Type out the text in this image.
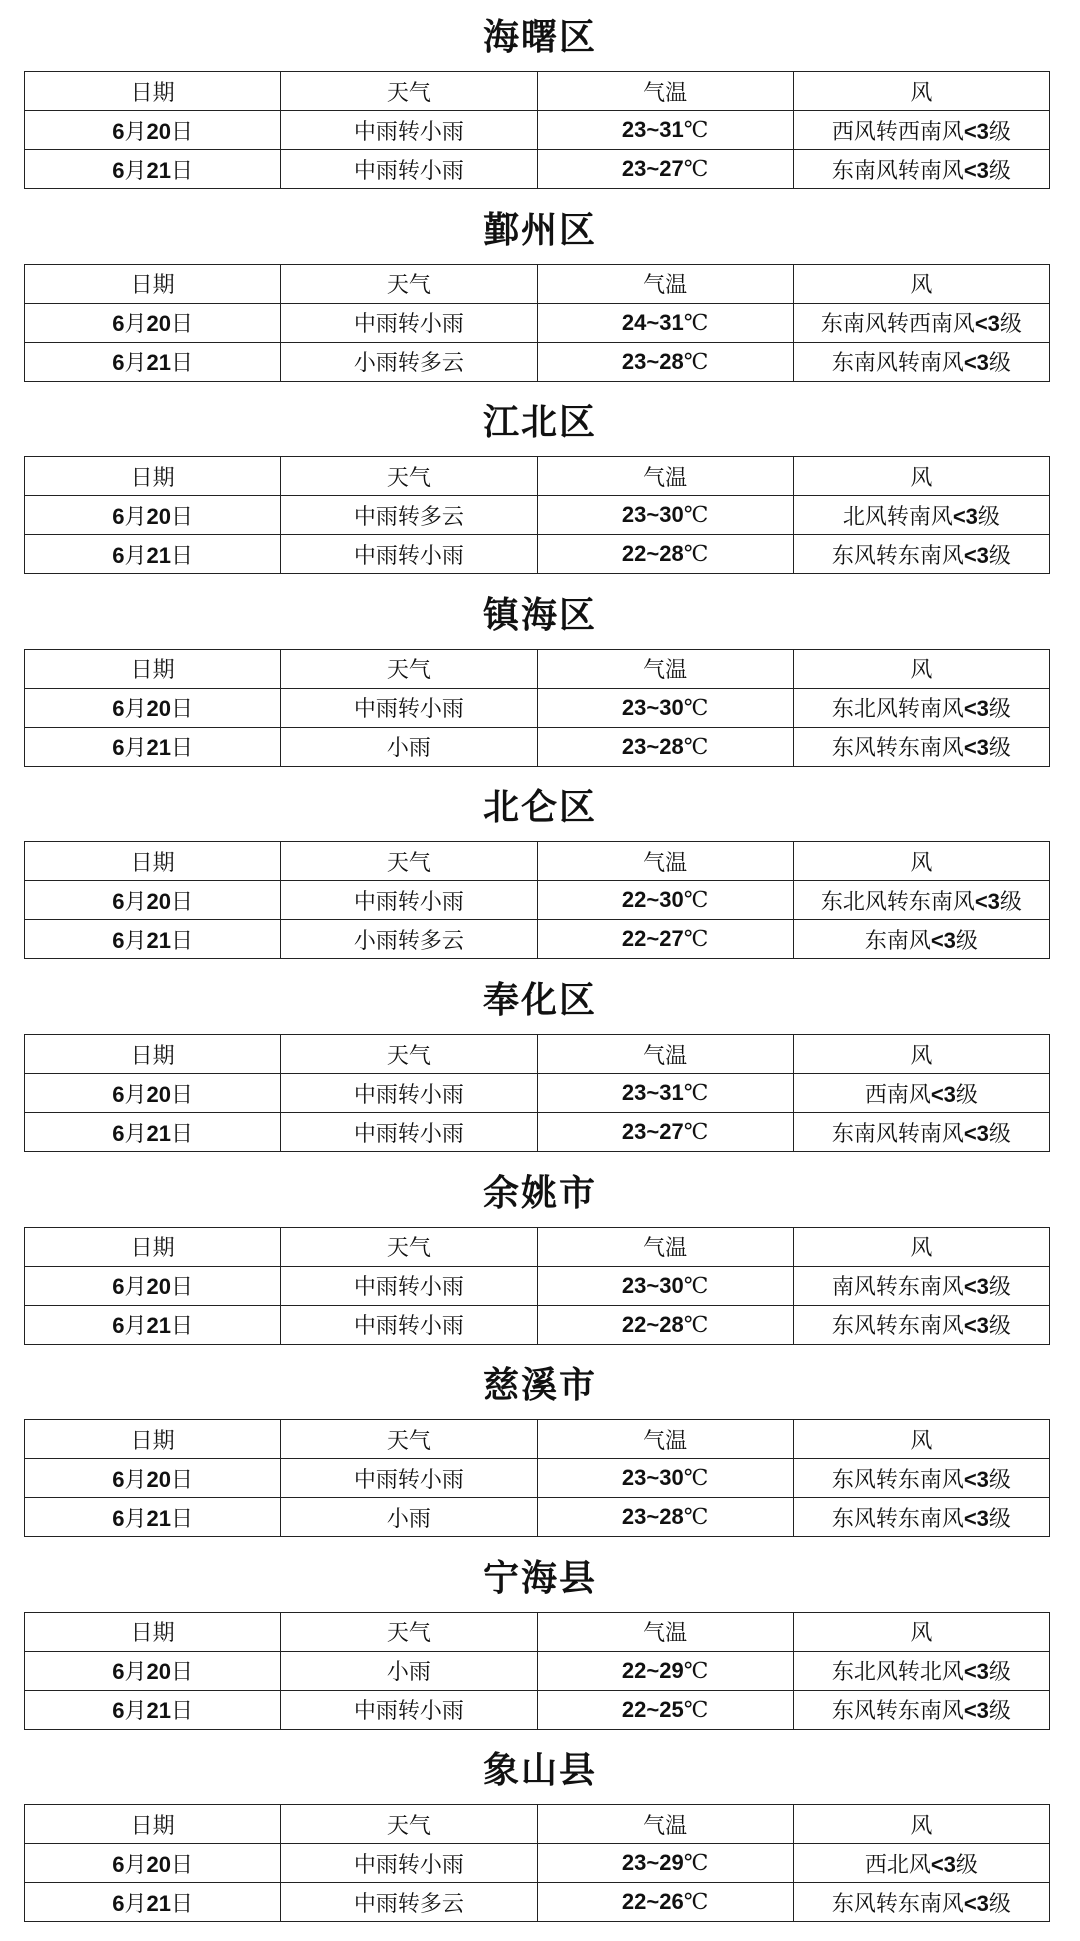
海曙区
日期	天气	气温	风
6月20日	中雨转小雨	23~31℃	西风转西南风<3级
6月21日	中雨转小雨	23~27℃	东南风转南风<3级
鄞州区
日期	天气	气温	风
6月20日	中雨转小雨	24~31℃	东南风转西南风<3级
6月21日	小雨转多云	23~28℃	东南风转南风<3级
江北区
日期	天气	气温	风
6月20日	中雨转多云	23~30℃	北风转南风<3级
6月21日	中雨转小雨	22~28℃	东风转东南风<3级
镇海区
日期	天气	气温	风
6月20日	中雨转小雨	23~30℃	东北风转南风<3级
6月21日	小雨	23~28℃	东风转东南风<3级
北仑区
日期	天气	气温	风
6月20日	中雨转小雨	22~30℃	东北风转东南风<3级
6月21日	小雨转多云	22~27℃	东南风<3级
奉化区
日期	天气	气温	风
6月20日	中雨转小雨	23~31℃	西南风<3级
6月21日	中雨转小雨	23~27℃	东南风转南风<3级
余姚市
日期	天气	气温	风
6月20日	中雨转小雨	23~30℃	南风转东南风<3级
6月21日	中雨转小雨	22~28℃	东风转东南风<3级
慈溪市
日期	天气	气温	风
6月20日	中雨转小雨	23~30℃	东风转东南风<3级
6月21日	小雨	23~28℃	东风转东南风<3级
宁海县
日期	天气	气温	风
6月20日	小雨	22~29℃	东北风转北风<3级
6月21日	中雨转小雨	22~25℃	东风转东南风<3级
象山县
日期	天气	气温	风
6月20日	中雨转小雨	23~29℃	西北风<3级
6月21日	中雨转多云	22~26℃	东风转东南风<3级
